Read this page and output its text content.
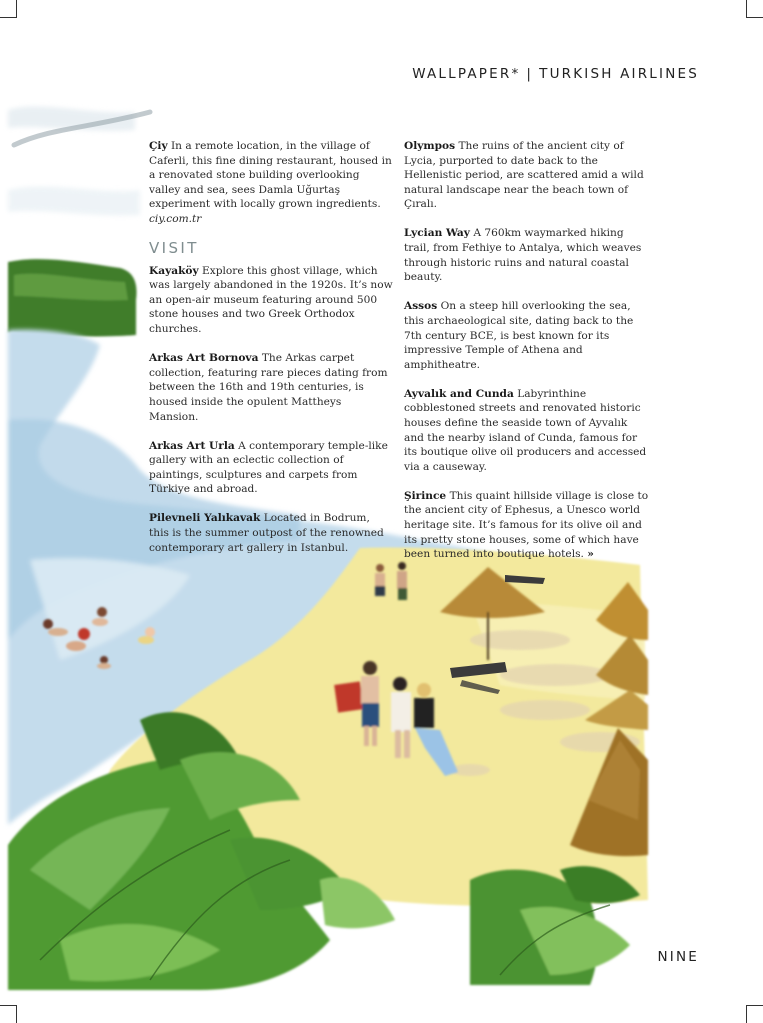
WALLPAPER* | TURKISH AIRLINES

Çiy In a remote location, in the village of Caferli, this fine dining restaurant, housed in a renovated stone building overlooking valley and sea, sees Damla Uğurtaş experiment with locally grown ingredients. ciy.com.tr

VISIT

Kayaköy Explore this ghost village, which was largely abandoned in the 1920s. It’s now an open-air museum featuring around 500 stone houses and two Greek Orthodox churches.

Arkas Art Bornova The Arkas carpet collection, featuring rare pieces dating from between the 16th and 19th centuries, is housed inside the opulent Mattheys Mansion.

Arkas Art Urla A contemporary temple-like gallery with an eclectic collection of paintings, sculptures and carpets from Türkiye and abroad.

Pilevneli Yalıkavak Located in Bodrum, this is the summer outpost of the renowned contemporary art gallery in Istanbul.

Olympos The ruins of the ancient city of Lycia, purported to date back to the Hellenistic period, are scattered amid a wild natural landscape near the beach town of Çıralı.

Lycian Way A 760km waymarked hiking trail, from Fethiye to Antalya, which weaves through historic ruins and natural coastal beauty.

Assos On a steep hill overlooking the sea, this archaeological site, dating back to the 7th century BCE, is best known for its impressive Temple of Athena and amphitheatre.

Ayvalık and Cunda Labyrinthine cobblestoned streets and renovated historic houses define the seaside town of Ayvalık and the nearby island of Cunda, famous for its boutique olive oil producers and accessed via a causeway.

Şirince This quaint hillside village is close to the ancient city of Ephesus, a Unesco world heritage site. It’s famous for its olive oil and its pretty stone houses, some of which have been turned into boutique hotels. »

NINE
